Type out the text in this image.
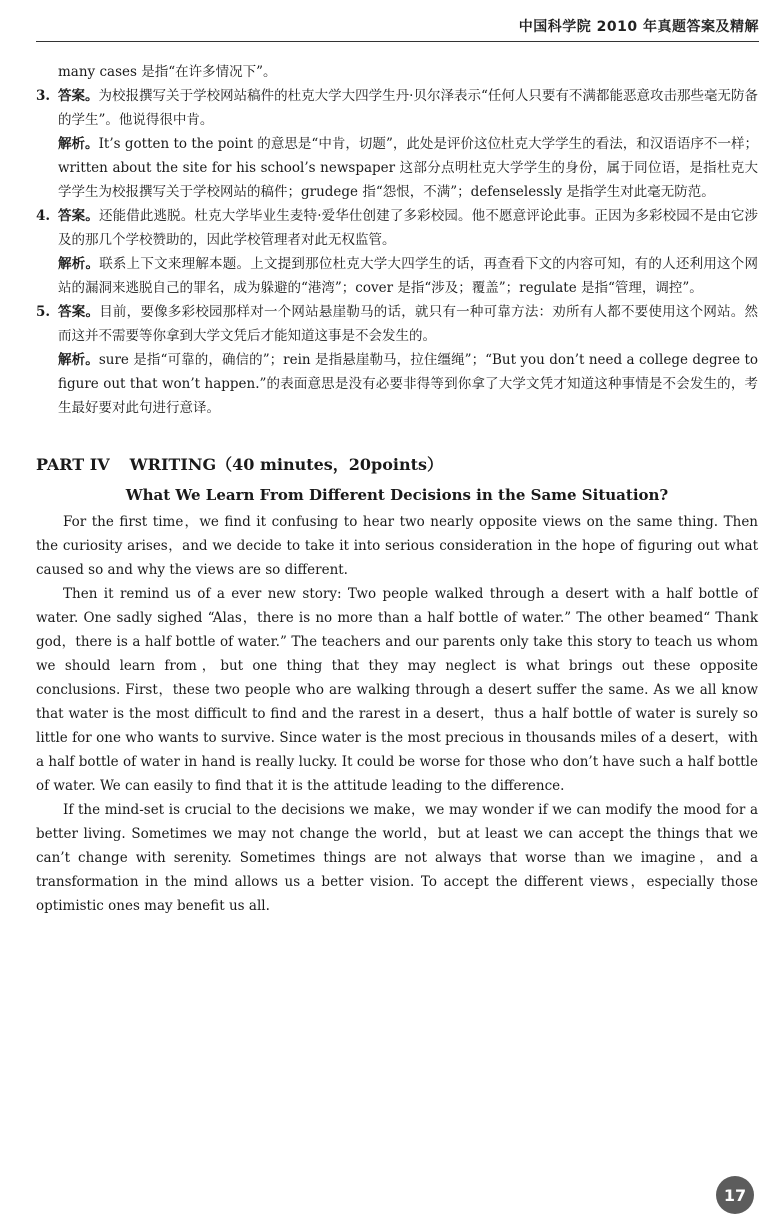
中国科学院 2010 年真题答案及精解

many cases 是指“在许多情况下”。

3. 答案。为校报撰写关于学校网站稿件的杜克大学大四学生丹·贝尔泽表示“任何人只要有不满都能恶意攻击那些毫无防备的学生”。他说得很中肯。
解析。It’s gotten to the point 的意思是“中肯，切题”，此处是评价这位杜克大学学生的看法，和汉语语序不一样；written about the site for his school’s newspaper 这部分点明杜克大学学生的身份，属于同位语，是指杜克大学学生为校报撰写关于学校网站的稿件；grudege 指“怨恨，不满”；defenselessly 是指学生对此毫无防范。
4. 答案。还能借此逃脱。杜克大学毕业生麦特·爱华仕创建了多彩校园。他不愿意评论此事。正因为多彩校园不是由它涉及的那几个学校赞助的，因此学校管理者对此无权监管。
解析。联系上下文来理解本题。上文提到那位杜克大学大四学生的话，再查看下文的内容可知，有的人还利用这个网站的漏洞来逃脱自己的罪名，成为躲避的“港湾”；cover 是指“涉及；覆盖”；regulate 是指“管理，调控”。
5. 答案。目前，要像多彩校园那样对一个网站悬崖勒马的话，就只有一种可靠方法：劝所有人都不要使用这个网站。然而这并不需要等你拿到大学文凭后才能知道这事是不会发生的。
解析。sure 是指“可靠的，确信的”；rein 是指悬崖勒马，拉住缰绳”；“But you don’t need a college degree to figure out that won’t happen.”的表面意思是没有必要非得等到你拿了大学文凭才知道这种事情是不会发生的，考生最好要对此句进行意译。
PART IV WRITING（40 minutes，20points）
What We Learn From Different Decisions in the Same Situation?

For the first time，we find it confusing to hear two nearly opposite views on the same thing. Then the curiosity arises，and we decide to take it into serious consideration in the hope of figuring out what caused so and why the views are so different.

Then it remind us of a ever new story: Two people walked through a desert with a half bottle of water. One sadly sighed “Alas，there is no more than a half bottle of water.” The other beamed“ Thank god，there is a half bottle of water.” The teachers and our parents only take this story to teach us whom we should learn from，but one thing that they may neglect is what brings out these opposite conclusions. First，these two people who are walking through a desert suffer the same. As we all know that water is the most difficult to find and the rarest in a desert，thus a half bottle of water is surely so little for one who wants to survive. Since water is the most precious in thousands miles of a desert，with a half bottle of water in hand is really lucky. It could be worse for those who don’t have such a half bottle of water. We can easily to find that it is the attitude leading to the difference.

If the mind-set is crucial to the decisions we make，we may wonder if we can modify the mood for a better living. Sometimes we may not change the world，but at least we can accept the things that we can’t change with serenity. Sometimes things are not always that worse than we imagine，and a transformation in the mind allows us a better vision. To accept the different views，especially those optimistic ones may benefit us all.

17
